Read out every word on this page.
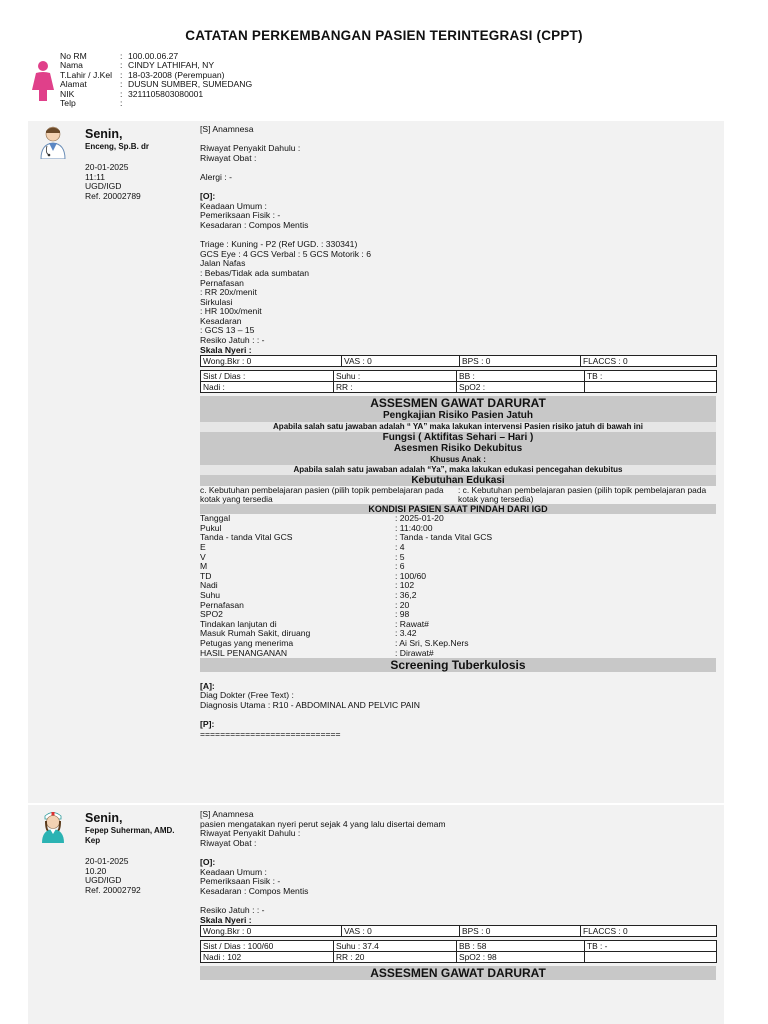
CATATAN PERKEMBANGAN PASIEN TERINTEGRASI (CPPT)
No RM	: 100.00.06.27
Nama	: CINDY LATHIFAH, NY
T.Lahir / J.Kel : 18-03-2008 (Perempuan)
Alamat	: DUSUN SUMBER, SUMEDANG
NIK	: 3211105803080001
Telp	:
Senin,
Enceng, Sp.B. dr
20-01-2025
11:11
UGD/IGD
Ref. 20002789
[S] Anamnesa
Riwayat Penyakit Dahulu :
Riwayat Obat :
Alergi : -
[O]:
Keadaan Umum :
Pemeriksaan Fisik : -
Kesadaran : Compos Mentis
Triage : Kuning - P2 (Ref UGD. : 330341)
GCS Eye : 4 GCS Verbal : 5 GCS Motorik : 6
Jalan Nafas
: Bebas/Tidak ada sumbatan
Pernafasan
: RR 20x/menit
Sirkulasi
: HR 100x/menit
Kesadaran
: GCS 13 – 15
Resiko Jatuh : : -
Skala Nyeri :
Wong.Bkr : 0	VAS : 0	BPS : 0	FLACCS : 0
Sist / Dias :	Suhu :	BB :	TB :
Nadi :	RR :	SpO2 :	
ASSESMEN GAWAT DARURAT
Pengkajian Risiko Pasien Jatuh
Apabila salah satu jawaban adalah “ YA” maka lakukan intervensi Pasien risiko jatuh di bawah ini
Fungsi ( Aktifitas Sehari – Hari )
Asesmen Risiko Dekubitus
Khusus Anak :
Apabila salah satu jawaban adalah “Ya”, maka lakukan edukasi pencegahan dekubitus
Kebutuhan Edukasi
c. Kebutuhan pembelajaran pasien (pilih topik pembelajaran pada kotak yang tersedia
: c. Kebutuhan pembelajaran pasien (pilih topik pembelajaran pada kotak yang tersedia)
KONDISI PASIEN SAAT PINDAH DARI IGD
Tanggal	: 2025-01-20
Pukul	: 11:40:00
Tanda - tanda Vital GCS	: Tanda - tanda Vital GCS
E	: 4
V	: 5
M	: 6
TD	: 100/60
Nadi	: 102
Suhu	: 36,2
Pernafasan	: 20
SPO2	: 98
Tindakan lanjutan di	: Rawat#
Masuk Rumah Sakit, diruang	: 3.42
Petugas yang menerima	: Ai Sri, S.Kep.Ners
HASIL PENANGANAN	: Dirawat#
Screening Tuberkulosis
[A]:
Diag Dokter (Free Text) :
Diagnosis Utama : R10 - ABDOMINAL AND PELVIC PAIN
[P]:
============================
Senin,
Fepep Suherman, AMD. Kep
20-01-2025
10.20
UGD/IGD
Ref. 20002792
[S] Anamnesa
pasien mengatakan nyeri perut sejak 4 yang lalu disertai demam
Riwayat Penyakit Dahulu :
Riwayat Obat :
[O]:
Keadaan Umum :
Pemeriksaan Fisik : -
Kesadaran : Compos Mentis
Resiko Jatuh : : -
Skala Nyeri :
Wong.Bkr : 0	VAS : 0	BPS : 0	FLACCS : 0
Sist / Dias : 100/60	Suhu : 37.4	BB : 58	TB : -
Nadi : 102	RR : 20	SpO2 : 98	
ASSESMEN GAWAT DARURAT
